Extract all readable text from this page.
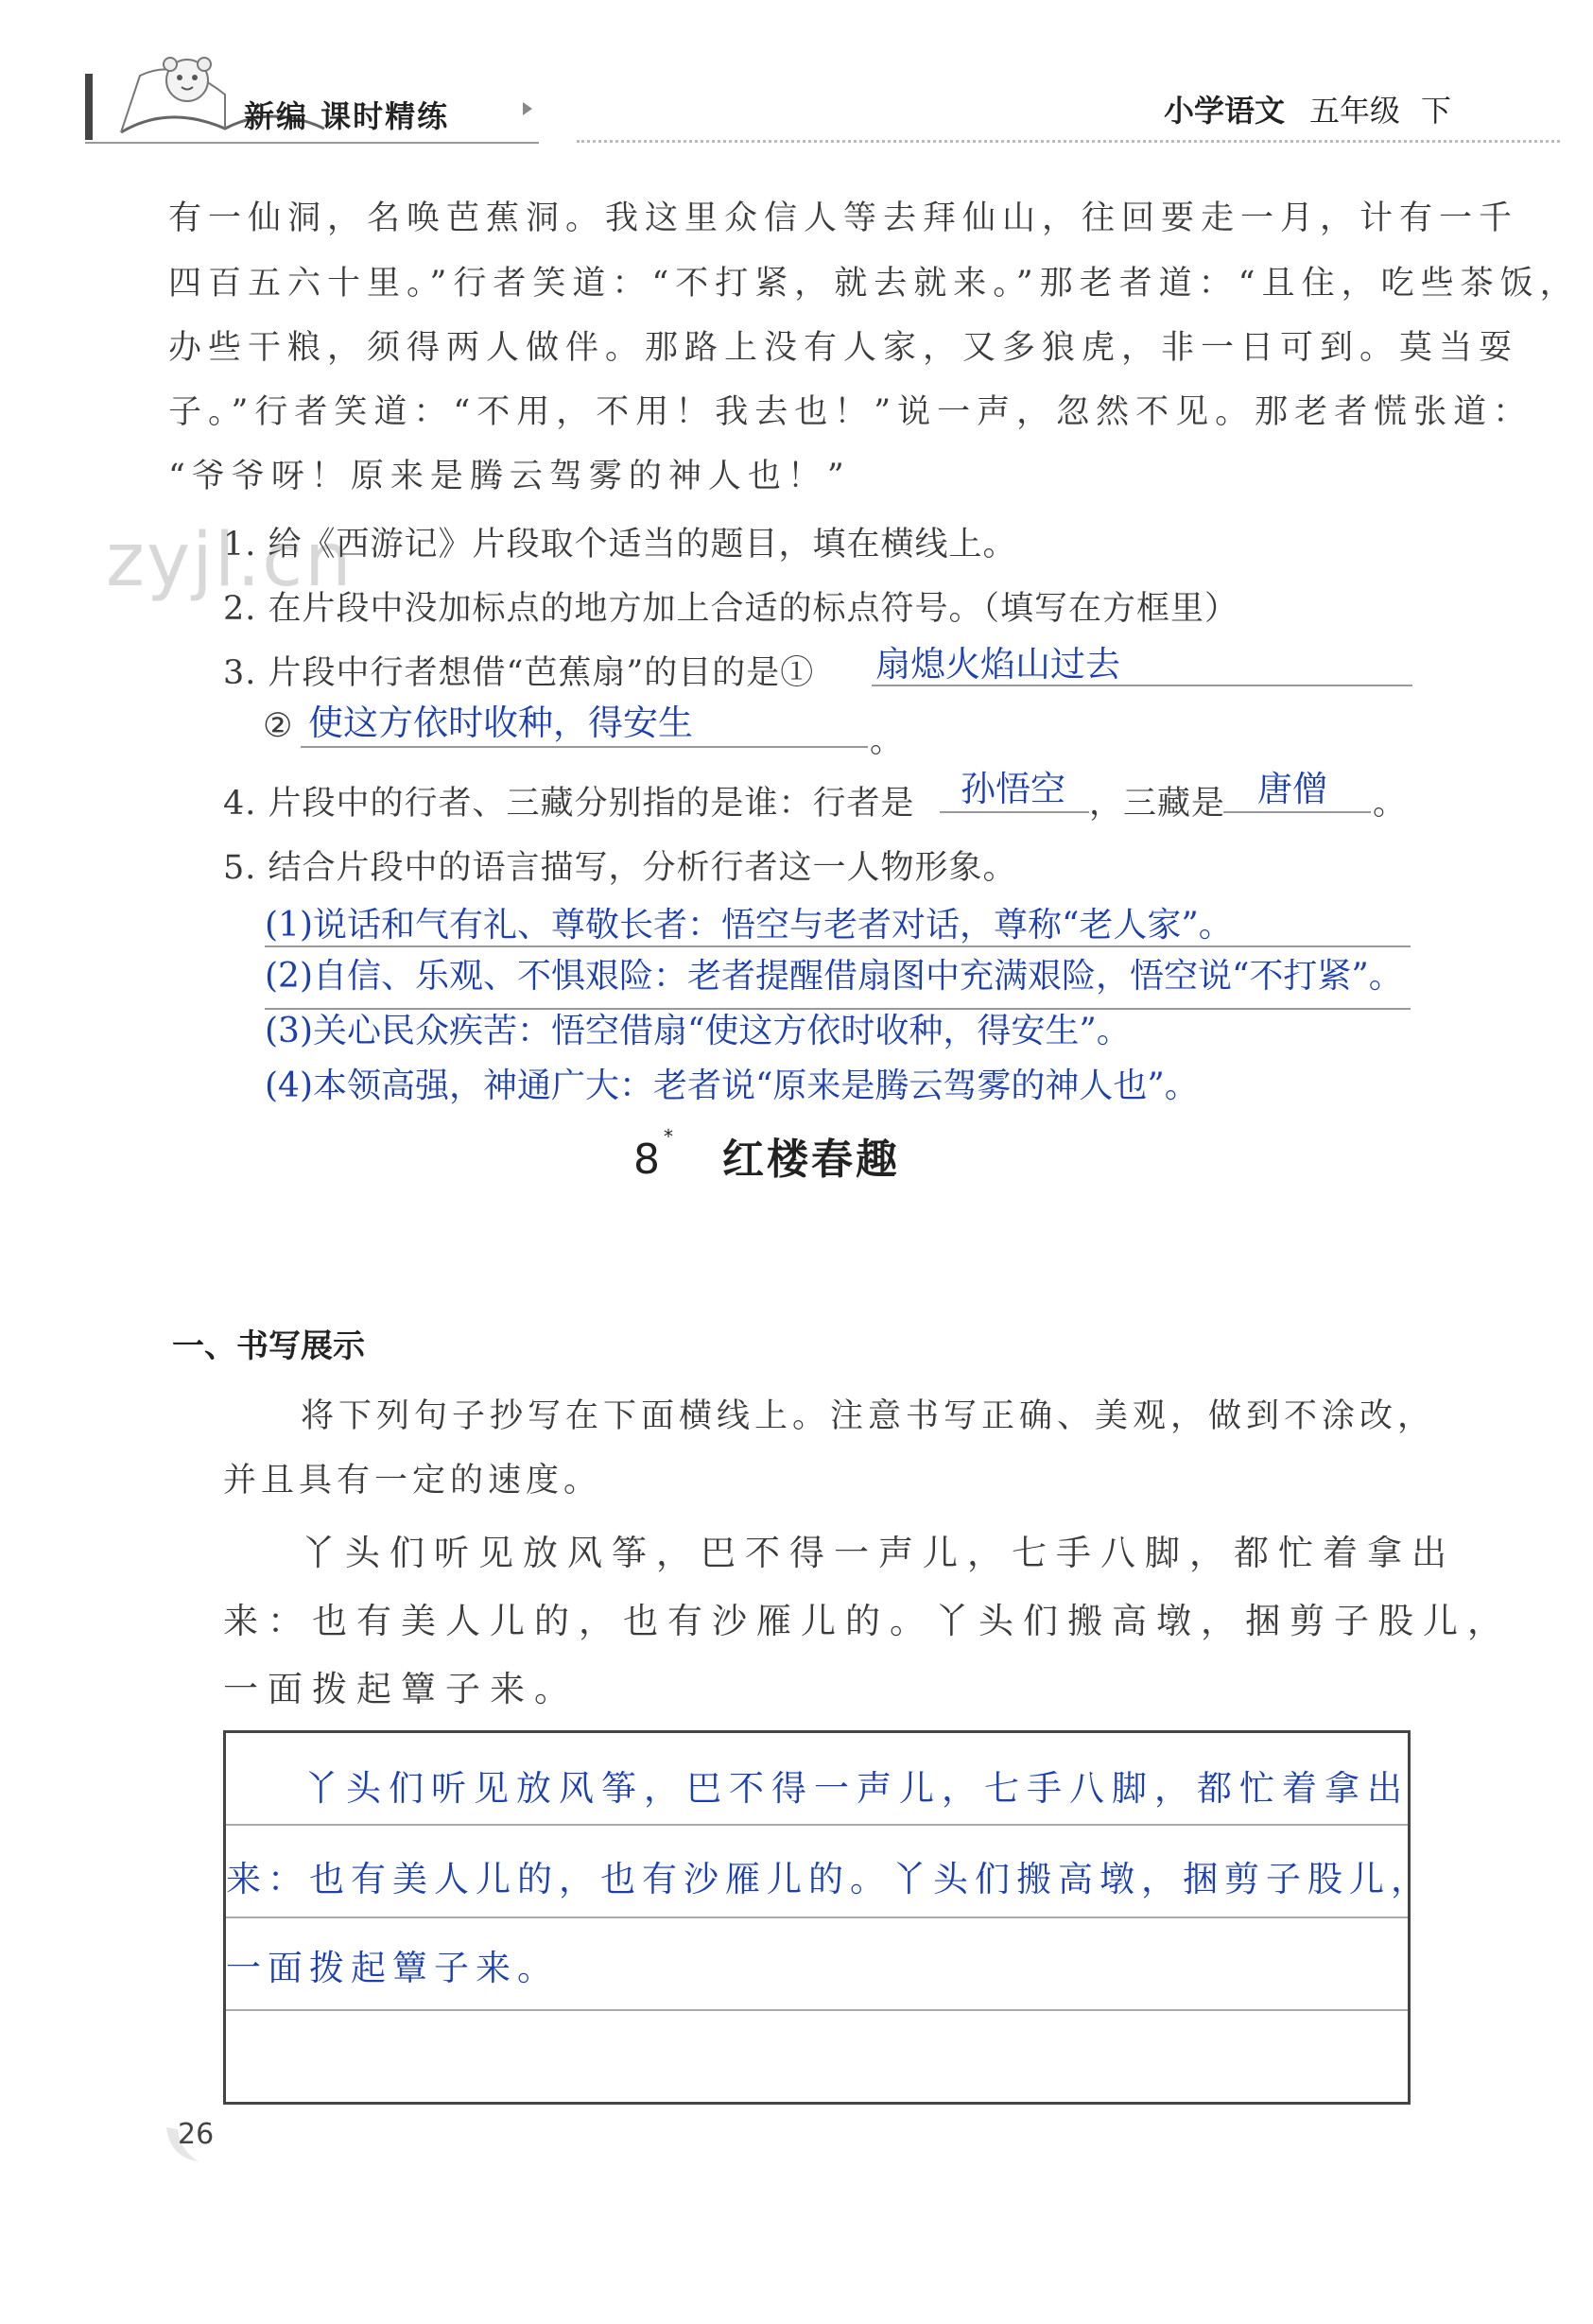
新编 课时精练	小学语文 五年级 下
有一仙洞，名唤芭蕉洞。我这里众信人等去拜仙山，往回要走一月，计有一千
四百五六十里。”行者笑道：“不打紧，就去就来。”那老者道：“且住，吃些茶饭，
办些干粮，须得两人做伴。那路上没有人家，又多狼虎，非一日可到。莫当耍
子。”行者笑道：“不用，不用！我去也！”说一声，忽然不见。那老者慌张道：
“爷爷呀！原来是腾云驾雾的神人也！”
zyjl.cn
1. 给《西游记》片段取个适当的题目，填在横线上。
2. 在片段中没加标点的地方加上合适的标点符号。（填写在方框里）
3. 片段中行者想借“芭蕉扇”的目的是① 扇熄火焰山过去
② 使这方依时收种，得安生	。
4. 片段中的行者、三藏分别指的是谁：行者是 孙悟空 ，三藏是 唐僧 。
5. 结合片段中的语言描写，分析行者这一人物形象。
(1)说话和气有礼、尊敬长者：悟空与老者对话，尊称“老人家”。
(2)自信、乐观、不惧艰险：老者提醒借扇图中充满艰险，悟空说“不打紧”。
(3)关心民众疾苦：悟空借扇“使这方依时收种，得安生”。
(4)本领高强，神通广大：老者说“原来是腾云驾雾的神人也”。
8 * 红楼春趣
一、书写展示
将下列句子抄写在下面横线上。注意书写正确、美观，做到不涂改，
并且具有一定的速度。
丫头们听见放风筝，巴不得一声儿，七手八脚，都忙着拿出
来：也有美人儿的，也有沙雁儿的。丫头们搬高墩，捆剪子股儿，
一面拨起簟子来。
丫头们听见放风筝，巴不得一声儿，七手八脚，都忙着拿出
来：也有美人儿的，也有沙雁儿的。丫头们搬高墩，捆剪子股儿，
一面拨起簟子来。
26
